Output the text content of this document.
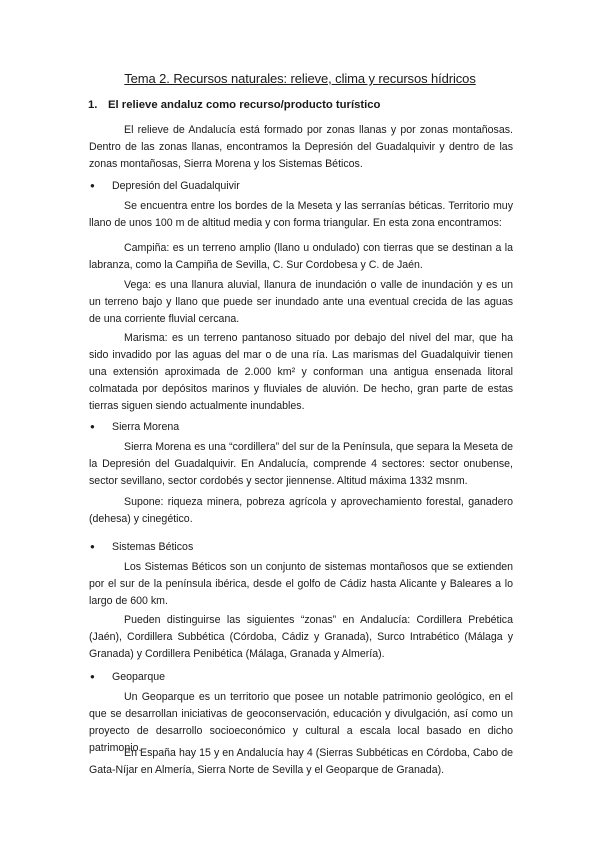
Tema 2. Recursos naturales: relieve, clima y recursos hídricos
1. El relieve andaluz como recurso/producto turístico
El relieve de Andalucía está formado por zonas llanas y por zonas montañosas. Dentro de las zonas llanas, encontramos la Depresión del Guadalquivir y dentro de las zonas montañosas, Sierra Morena y los Sistemas Béticos.
● Depresión del Guadalquivir
Se encuentra entre los bordes de la Meseta y las serranías béticas. Territorio muy llano de unos 100 m de altitud media y con forma triangular. En esta zona encontramos:
Campiña: es un terreno amplio (llano u ondulado) con tierras que se destinan a la labranza, como la Campiña de Sevilla, C. Sur Cordobesa y C. de Jaén.
Vega: es una llanura aluvial, llanura de inundación o valle de inundación y es un un terreno bajo y llano que puede ser inundado ante una eventual crecida de las aguas de una corriente fluvial cercana.
Marisma: es un terreno pantanoso situado por debajo del nivel del mar, que ha sido invadido por las aguas del mar o de una ría. Las marismas del Guadalquivir tienen una extensión aproximada de 2.000 km² y conforman una antigua ensenada litoral colmatada por depósitos marinos y fluviales de aluvión. De hecho, gran parte de estas tierras siguen siendo actualmente inundables.
● Sierra Morena
Sierra Morena es una “cordillera” del sur de la Península, que separa la Meseta de la Depresión del Guadalquivir. En Andalucía, comprende 4 sectores: sector onubense, sector sevillano, sector cordobés y sector jiennense. Altitud máxima 1332 msnm.
Supone: riqueza minera, pobreza agrícola y aprovechamiento forestal, ganadero (dehesa) y cinegético.
● Sistemas Béticos
Los Sistemas Béticos son un conjunto de sistemas montañosos que se extienden por el sur de la península ibérica, desde el golfo de Cádiz hasta Alicante y Baleares a lo largo de 600 km.
Pueden distinguirse las siguientes “zonas” en Andalucía: Cordillera Prebética (Jaén), Cordillera Subbética (Córdoba, Cádiz y Granada), Surco Intrabético (Málaga y Granada) y Cordillera Penibética (Málaga, Granada y Almería).
● Geoparque
Un Geoparque es un territorio que posee un notable patrimonio geológico, en el que se desarrollan iniciativas de geoconservación, educación y divulgación, así como un proyecto de desarrollo socioeconómico y cultural a escala local basado en dicho patrimonio.
En España hay 15 y en Andalucía hay 4 (Sierras Subbéticas en Córdoba, Cabo de Gata-Níjar en Almería, Sierra Norte de Sevilla y el Geoparque de Granada).
